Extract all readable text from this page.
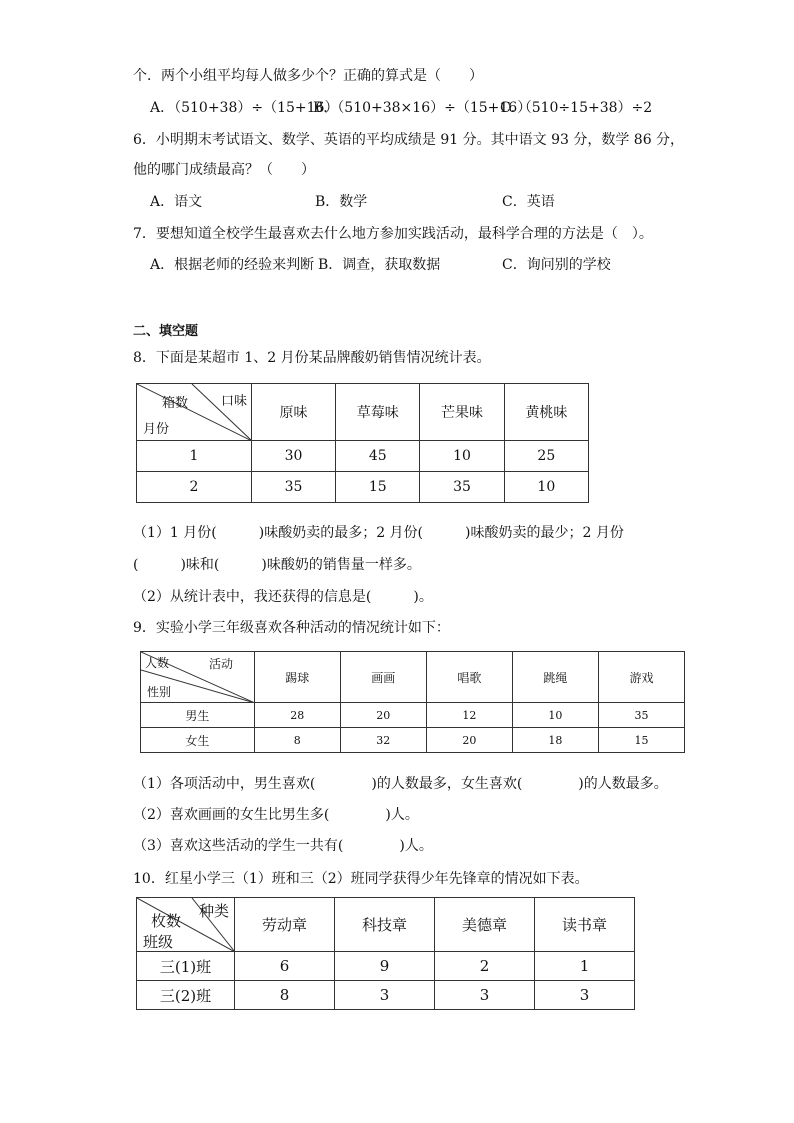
个．两个小组平均每人做多少个？正确的算式是（　　）
A．（510+38）÷（15+16）
B．（510+38×16）÷（15+16）
C．（510÷15+38）÷2
6．小明期末考试语文、数学、英语的平均成绩是 91 分。其中语文 93 分，数学 86 分，
他的哪门成绩最高？（　　）
A．语文	B．数学	C．英语
7．要想知道全校学生最喜欢去什么地方参加实践活动，最科学合理的方法是（　）。
A．根据老师的经验来判断 B．调查，获取数据	C．询问别的学校
二、填空题
8．下面是某超市 1、2 月份某品牌酸奶销售情况统计表。
口味
箱数
月份	原味	草莓味	芒果味	黄桃味
1	30	45	10	25
2	35	15	35	10
（1）1 月份(　　　)味酸奶卖的最多；2 月份(　　　)味酸奶卖的最少；2 月份
(　　　)味和(　　　)味酸奶的销售量一样多。
（2）从统计表中，我还获得的信息是(　　　)。
9．实验小学三年级喜欢各种活动的情况统计如下：
活动
人数
性别	踢球	画画	唱歌	跳绳	游戏
男生	28	20	12	10	35
女生	8	32	20	18	15
（1）各项活动中，男生喜欢(　　　　)的人数最多，女生喜欢(　　　　)的人数最多。
（2）喜欢画画的女生比男生多(　　　　)人。
（3）喜欢这些活动的学生一共有(　　　　)人。
10．红星小学三（1）班和三（2）班同学获得少年先锋章的情况如下表。
种类
枚数
班级	劳动章	科技章	美德章	读书章
三(1)班	6	9	2	1
三(2)班	8	3	3	3
